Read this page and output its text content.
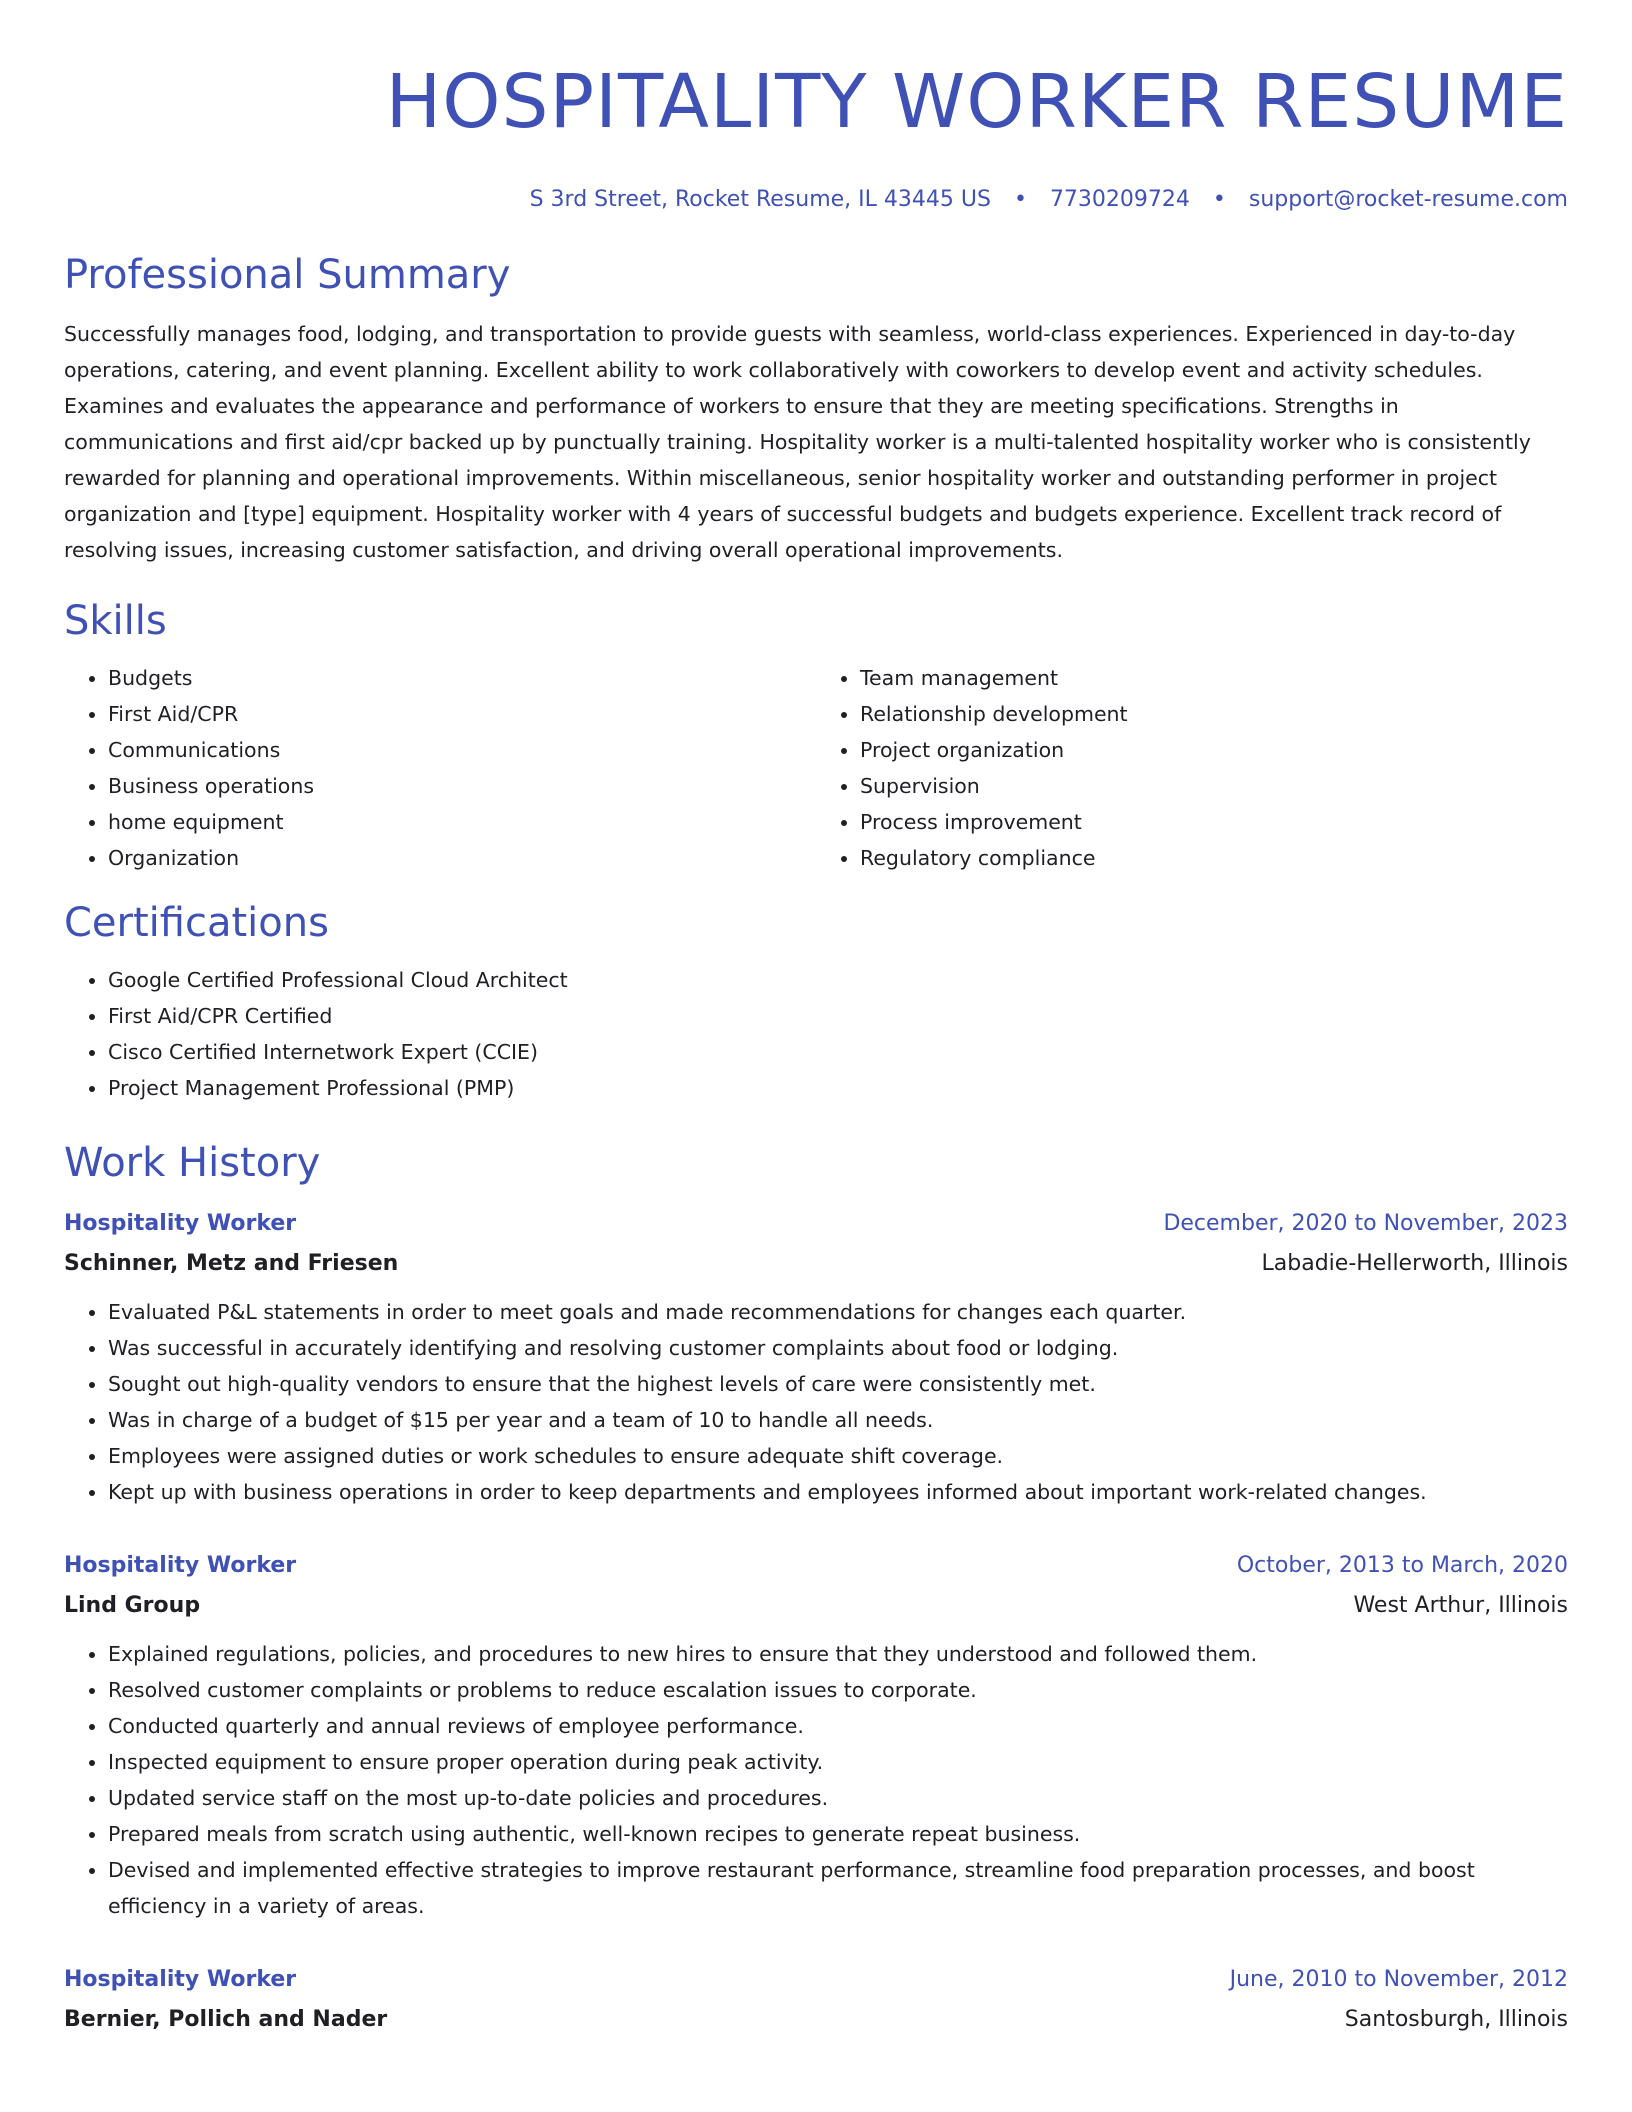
HOSPITALITY WORKER RESUME
S 3rd Street, Rocket Resume, IL 43445 US • 7730209724 • support@rocket-resume.com
Professional Summary

Successfully manages food, lodging, and transportation to provide guests with seamless, world-class experiences. Experienced in day-to-day operations, catering, and event planning. Excellent ability to work collaboratively with coworkers to develop event and activity schedules. Examines and evaluates the appearance and performance of workers to ensure that they are meeting specifications. Strengths in communications and first aid/cpr backed up by punctually training. Hospitality worker is a multi-talented hospitality worker who is consistently rewarded for planning and operational improvements. Within miscellaneous, senior hospitality worker and outstanding performer in project organization and [type] equipment. Hospitality worker with 4 years of successful budgets and budgets experience. Excellent track record of resolving issues, increasing customer satisfaction, and driving overall operational improvements.

Skills
• Budgets
• First Aid/CPR
• Communications
• Business operations
• home equipment
• Organization
• Team management
• Relationship development
• Project organization
• Supervision
• Process improvement
• Regulatory compliance
Certifications
• Google Certified Professional Cloud Architect
• First Aid/CPR Certified
• Cisco Certified Internetwork Expert (CCIE)
• Project Management Professional (PMP)
Work History
Hospitality Worker	December, 2020 to November, 2023
Schinner, Metz and Friesen	Labadie-Hellerworth, Illinois
• Evaluated P&L statements in order to meet goals and made recommendations for changes each quarter.
• Was successful in accurately identifying and resolving customer complaints about food or lodging.
• Sought out high-quality vendors to ensure that the highest levels of care were consistently met.
• Was in charge of a budget of $15 per year and a team of 10 to handle all needs.
• Employees were assigned duties or work schedules to ensure adequate shift coverage.
• Kept up with business operations in order to keep departments and employees informed about important work-related changes.
Hospitality Worker	October, 2013 to March, 2020
Lind Group	West Arthur, Illinois
• Explained regulations, policies, and procedures to new hires to ensure that they understood and followed them.
• Resolved customer complaints or problems to reduce escalation issues to corporate.
• Conducted quarterly and annual reviews of employee performance.
• Inspected equipment to ensure proper operation during peak activity.
• Updated service staff on the most up-to-date policies and procedures.
• Prepared meals from scratch using authentic, well-known recipes to generate repeat business.
• Devised and implemented effective strategies to improve restaurant performance, streamline food preparation processes, and boost efficiency in a variety of areas.
Hospitality Worker	June, 2010 to November, 2012
Bernier, Pollich and Nader	Santosburgh, Illinois
